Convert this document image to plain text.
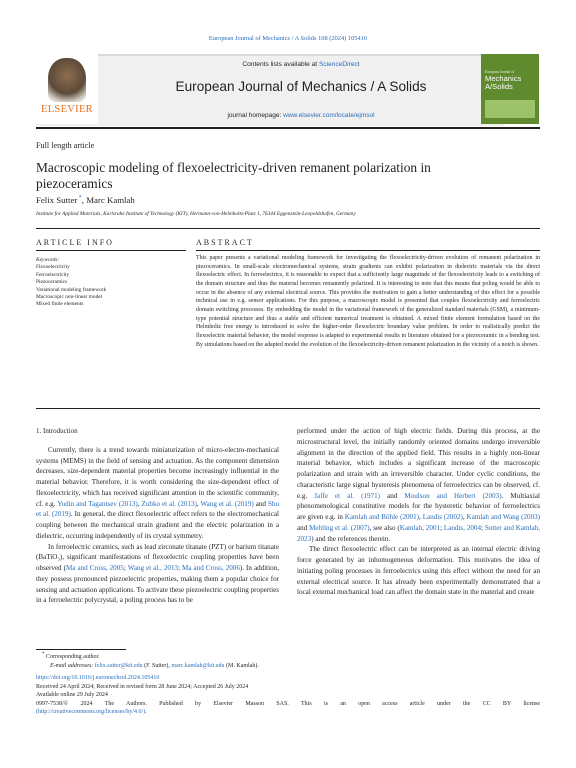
European Journal of Mechanics / A Solids 108 (2024) 105410
ELSEVIER
Contents lists available at ScienceDirect
European Journal of Mechanics / A Solids
journal homepage: www.elsevier.com/locate/ejmsol
European Journal of
Mechanics
A/Solids
Full length article
Macroscopic modeling of flexoelectricity-driven remanent polarization in
piezoceramics
Felix Sutter *, Marc Kamlah
Institute for Applied Materials, Karlsruhe Institute of Technology (KIT), Hermann-von-Helmholtz-Platz 1, 76344 Eggenstein-Leopoldshafen, Germany
ARTICLE INFO	ABSTRACT
Keywords:
Flexoelectricity
Ferroelectricity
Piezoceramics
Variational modeling framework
Macroscopic non-linear model
Mixed finite elements
This paper presents a variational modeling framework for investigating the flexoelectricity-driven evolution of remanent polarization in piezoceramics. In small-scale electromechanical systems, strain gradients can exhibit polarization in dielectric materials via the direct flexoelectric effect. In ferroelectrics, it is reasonable to expect that a sufficiently large magnitude of the flexoelectricity leads to a switching of the domain structure and thus the material becomes remanently polarized. It is interesting to note that this means that poling would be able to occur in the absence of any external electrical source. This provides the motivation to gain a better understanding of this effect for a possible technical use in e.g. sensor applications. For this purpose, a macroscopic model is presented that couples flexoelectricity and ferroelectric domain switching processes. By embedding the model in the variational framework of the generalized standard materials (GSM), a minimum-type potential structure and thus a stable and efficient numerical treatment is obtained. A mixed finite element formulation based on the Helmholtz free energy is introduced to solve the higher-order flexoelectric boundary value problem. In order to realistically predict the flexoelectric material behavior, the model response is adapted to experimental results in literature obtained for a piezoceramic in a bending test. By simulations based on the adapted model the evolution of the flexoelectricity-driven remanent polarization in the vicinity of a notch is shown.
1. Introduction

Currently, there is a trend towards miniaturization of micro-electro-mechanical systems (MEMS) in the field of sensing and actuation. As the component dimension decreases, size-dependent material properties become increasingly influential in the material behavior. Therefore, it is worth considering the size-dependent effect of flexoelectricity, which has received significant attention in the scientific community, cf. e.g. Yudin and Tagantsev (2013), Zubko et al. (2013), Wang et al. (2019) and Shu et al. (2019). In general, the direct flexoelectric effect refers to the electromechanical coupling between the mechanical strain gradient and the electric polarization in a dielectric, occurring independently of its crystal symmetry.

In ferroelectric ceramics, such as lead zirconate titanate (PZT) or barium titanate (BaTiO₃), significant manifestations of flexoelectric coupling properties have been observed (Ma and Cross, 2005; Wang et al., 2013; Ma and Cross, 2006). In addition, they possess pronounced piezoelectric properties, making them a popular choice for sensing and actuation applications. To activate these piezoelectric coupling properties in a ferroelectric polycrystal, a poling process has to be

performed under the action of high electric fields. During this process, at the microstructural level, the initially randomly oriented domains undergo irreversible alignment in the direction of the applied field. This results in a highly non-linear material behavior, which includes a significant increase of the macroscopic polarization and strain with an irreversible character. Under cyclic conditions, the characteristic large signal hysteresis phenomena of ferroelectrics can be observed, cf. e.g. Jaffe et al. (1971) and Moulson and Herbert (2003). Multiaxial phenomenological constitutive models for the hysteretic behavior of ferroelectrics are given e.g. in Kamlah and Böhle (2001), Landis (2002), Kamlah and Wang (2003) and Mehling et al. (2007), see also (Kamlah, 2001; Landis, 2004; Sutter and Kamlah, 2023) and the references therein.

The direct flexoelectric effect can be interpreted as an internal electric driving force generated by an inhomogeneous deformation. This motivates the idea of initiating poling processes in ferroelectrics using this effect without the need for an external electrical source. It has already been experimentally demonstrated that a local external mechanical load can affect the domain state in the material and create

* Corresponding author.
E-mail addresses: felix.sutter@kit.edu (F. Sutter), marc.kamlah@kit.edu (M. Kamlah).

https://doi.org/10.1016/j.euromechsol.2024.105410

Received 24 April 2024; Received in revised form 28 June 2024; Accepted 26 July 2024

Available online 29 July 2024

0997-7538/© 2024 The Authors. Published by Elsevier Masson SAS. This is an open access article under the CC BY license

(http://creativecommons.org/licenses/by/4.0/).
